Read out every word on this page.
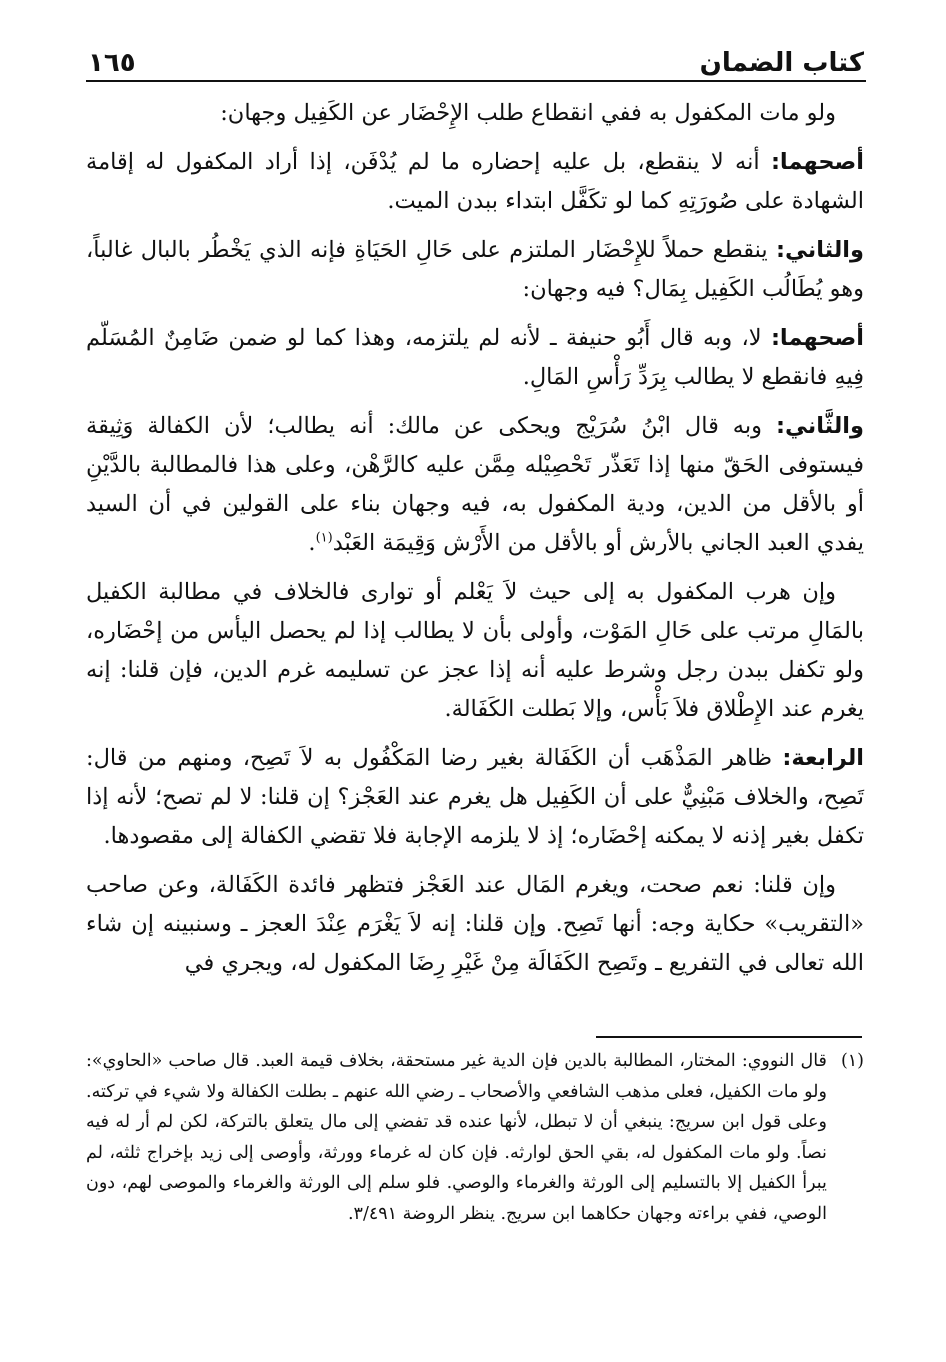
كتاب الضمان
١٦٥

ولو مات المكفول به ففي انقطاع طلب الإِحْضَار عن الكَفِيل وجهان:

أصحهما: أنه لا ينقطع، بل عليه إحضاره ما لم يُدْفَن، إذا أراد المكفول له إقامة الشهادة على صُورَتِهِ كما لو تكَفَّل ابتداء ببدن الميت.

والثاني: ينقطع حملاً للإِحْضَار الملتزم على حَالِ الحَيَاةِ فإنه الذي يَخْطُر بالبال غالباً، وهو يُطَالُب الكَفِيل بِمَال؟ فيه وجهان:

أصحهما: لا، وبه قال أَبُو حنيفة ـ لأنه لم يلتزمه، وهذا كما لو ضمن ضَامِنٌ المُسَلّم فِيهِ فانقطع لا يطالب بِرَدِّ رَأْسِ المَالِ.

والثَّاني: وبه قال ابْنُ سُرَيْج ويحكى عن مالك: أنه يطالب؛ لأن الكفالة وَثِيقة فيستوفى الحَقّ منها إذا تَعَذّر تَحْصِيْله مِمَّن عليه كالرَّهْن، وعلى هذا فالمطالبة بالدَّيْنِ أو بالأقل من الدين، ودية المكفول به، فيه وجهان بناء على القولين في أن السيد يفدي العبد الجاني بالأرش أو بالأقل من الأَرْش وَقِيمَة العَبْد$^{(١)}$.

وإن هرب المكفول به إلى حيث لاَ يَعْلم أو توارى فالخلاف في مطالبة الكفيل بالمَالِ مرتب على حَالِ المَوْت، وأولى بأن لا يطالب إذا لم يحصل اليأس من إحْضَاره، ولو تكفل ببدن رجل وشرط عليه أنه إذا عجز عن تسليمه غرم الدين، فإن قلنا: إنه يغرم عند الإِطْلاق فلاَ بَأْس، وإلا بَطلت الكَفَالة.

الرابعة: ظاهر المَذْهَب أن الكَفَالة بغير رضا المَكْفُول به لاَ تَصِح، ومنهم من قال: تَصِح، والخلاف مَبْنِيٌّ على أن الكَفِيل هل يغرم عند العَجْز؟ إن قلنا: لا لم تصح؛ لأنه إذا تكفل بغير إذنه لا يمكنه إحْضَاره؛ إذ لا يلزمه الإجابة فلا تقضي الكفالة إلى مقصودها.

وإن قلنا: نعم صحت، ويغرم المَال عند العَجْز فتظهر فائدة الكَفَالة، وعن صاحب «التقريب» حكاية وجه: أنها تَصِح. وإن قلنا: إنه لاَ يَغْرَم عِنْدَ العجز ـ وسنبينه إن شاء الله تعالى في التفريع ـ وتَصِح الكَفَالَة مِنْ غَيْرِ رِضَا المكفول له، ويجري في

(١)
قال النووي: المختار، المطالبة بالدين فإن الدية غير مستحقة، بخلاف قيمة العبد. قال صاحب «الحاوي»: ولو مات الكفيل، فعلى مذهب الشافعي والأصحاب ـ رضي الله عنهم ـ بطلت الكفالة ولا شيء في تركته. وعلى قول ابن سريج: ينبغي أن لا تبطل، لأنها عنده قد تفضي إلى مال يتعلق بالتركة، لكن لم أر له فيه نصاً. ولو مات المكفول له، بقي الحق لوارثه. فإن كان له غرماء وورثة، وأوصى إلى زيد بإخراج ثلثه، لم يبرأ الكفيل إلا بالتسليم إلى الورثة والغرماء والوصي. فلو سلم إلى الورثة والغرماء والموصى لهم، دون الوصي، ففي براءته وجهان حكاهما ابن سريج. ينظر الروضة ٣/٤٩١.
